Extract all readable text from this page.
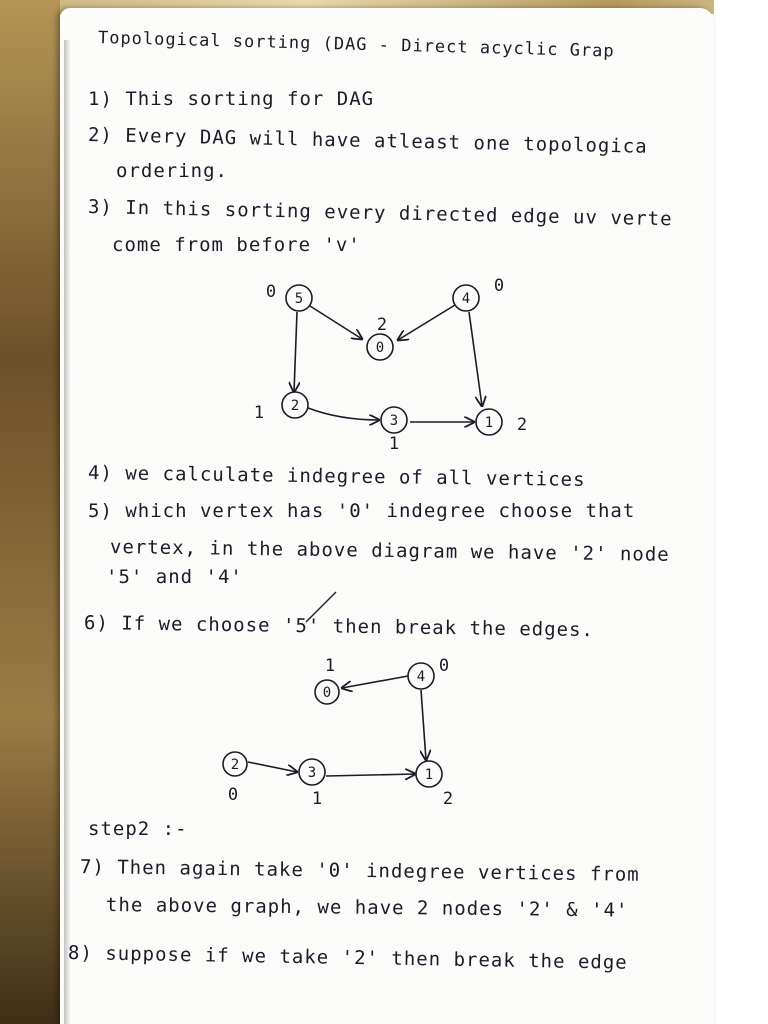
Topological sorting (DAG - Direct acyclic Grap
1) This sorting for DAG
2) Every DAG will have atleast one topologica
ordering.
3) In this sorting every directed edge uv verte
come from before 'v'
5	4
0
2
3	1
0	0
2
1
1
2
0
4
2	3	1
1	0
0	1	2
4) we calculate indegree of all vertices
5) which vertex has '0' indegree choose that
vertex, in the above diagram we have '2' node
'5' and '4'
6) If we choose '5' then break the edges.
step2 :-
7) Then again take '0' indegree vertices from
the above graph, we have 2 nodes '2' & '4'
8) suppose if we take '2' then break the edge
